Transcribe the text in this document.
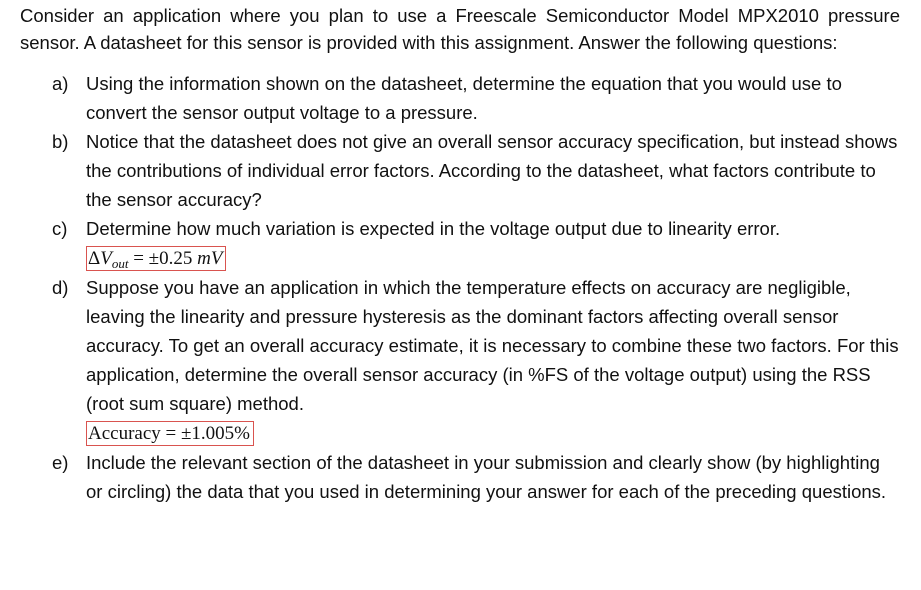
Consider an application where you plan to use a Freescale Semiconductor Model MPX2010 pressure sensor. A datasheet for this sensor is provided with this assignment. Answer the following questions:

a) Using the information shown on the datasheet, determine the equation that you would use to convert the sensor output voltage to a pressure.
b) Notice that the datasheet does not give an overall sensor accuracy specification, but instead shows the contributions of individual error factors. According to the datasheet, what factors contribute to the sensor accuracy?
c) Determine how much variation is expected in the voltage output due to linearity error.
$\Delta V_{out} = \pm 0.25$ mV
d) Suppose you have an application in which the temperature effects on accuracy are negligible, leaving the linearity and pressure hysteresis as the dominant factors affecting overall sensor accuracy. To get an overall accuracy estimate, it is necessary to combine these two factors. For this application, determine the overall sensor accuracy (in %FS of the voltage output) using the RSS (root sum square) method.
Accuracy = ±1.005%
e) Include the relevant section of the datasheet in your submission and clearly show (by highlighting or circling) the data that you used in determining your answer for each of the preceding questions.
